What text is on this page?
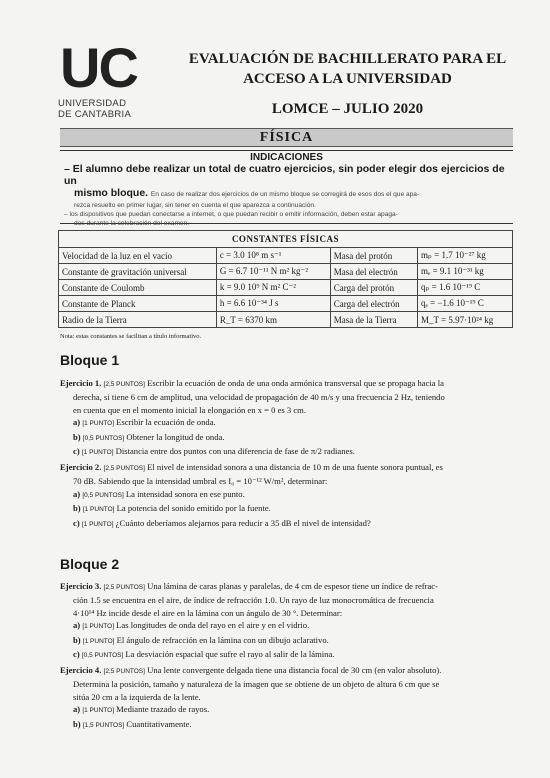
UC
UNIVERSIDAD
DE CANTABRIA
EVALUACIÓN DE BACHILLERATO PARA EL
ACCESO A LA UNIVERSIDAD
LOMCE – JULIO 2020
FÍSICA
INDICACIONES
– El alumno debe realizar un total de cuatro ejercicios, sin poder elegir dos ejercicios de un
mismo bloque. En caso de realizar dos ejercicios de un mismo bloque se corregirá de esos dos el que apa-
rezca resuelto en primer lugar, sin tener en cuenta el que aparezca a continuación.
– los dispositivos que puedan conectarse a internet, o que puedan recibir o emitir información, deben estar apaga-
dos durante la celebración del examen.
CONSTANTES FÍSICAS			
Velocidad de la luz en el vacío	c = 3.0 10⁸ m s⁻¹	Masa del protón	mₚ = 1.7 10⁻²⁷ kg
Constante de gravitación universal	G = 6.7 10⁻¹¹ N m² kg⁻²	Masa del electrón	mₑ = 9.1 10⁻³¹ kg
Constante de Coulomb	k = 9.0 10⁹ N m² C⁻²	Carga del protón	qₚ = 1.6 10⁻¹⁹ C
Constante de Planck	h = 6.6 10⁻³⁴ J s	Carga del electrón	qₑ = −1.6 10⁻¹⁹ C
Radio de la Tierra	R_T = 6370 km	Masa de la Tierra	M_T = 5.97·10²⁴ kg
Nota: estas constantes se facilitan a título informativo.
Bloque 1

Ejercicio 1. [2,5 PUNTOS] Escribir la ecuación de onda de una onda armónica transversal que se propaga hacia la

derecha, si tiene 6 cm de amplitud, una velocidad de propagación de 40 m/s y una frecuencia 2 Hz, teniendo

en cuenta que en el momento inicial la elongación en x = 0 es 3 cm.

a) [1 PUNTO] Escribir la ecuación de onda.

b) [0,5 PUNTOS] Obtener la longitud de onda.

c) [1 PUNTO] Distancia entre dos puntos con una diferencia de fase de π/2 radianes.

Ejercicio 2. [2,5 PUNTOS] El nivel de intensidad sonora a una distancia de 10 m de una fuente sonora puntual, es

70 dB. Sabiendo que la intensidad umbral es I₀ = 10⁻¹² W/m², determinar:

a) [0,5 PUNTOS] La intensidad sonora en ese punto.

b) [1 PUNTO] La potencia del sonido emitido por la fuente.

c) [1 PUNTO] ¿Cuánto deberíamos alejarnos para reducir a 35 dB el nivel de intensidad?

Bloque 2

Ejercicio 3. [2,5 PUNTOS] Una lámina de caras planas y paralelas, de 4 cm de espesor tiene un índice de refrac-

ción 1.5 se encuentra en el aire, de índice de refracción 1.0. Un rayo de luz monocromática de frecuencia

4·10¹⁴ Hz incide desde el aire en la lámina con un ángulo de 30 °. Determinar:

a) [1 PUNTO] Las longitudes de onda del rayo en el aire y en el vidrio.

b) [1 PUNTO] El ángulo de refracción en la lámina con un dibujo aclarativo.

c) [0,5 PUNTOS] La desviación espacial que sufre el rayo al salir de la lámina.

Ejercicio 4. [2,5 PUNTOS] Una lente convergente delgada tiene una distancia focal de 30 cm (en valor absoluto).

Determina la posición, tamaño y naturaleza de la imagen que se obtiene de un objeto de altura 6 cm que se

sitúa 20 cm a la izquierda de la lente.

a) [1 PUNTO] Mediante trazado de rayos.

b) [1,5 PUNTOS] Cuantitativamente.
